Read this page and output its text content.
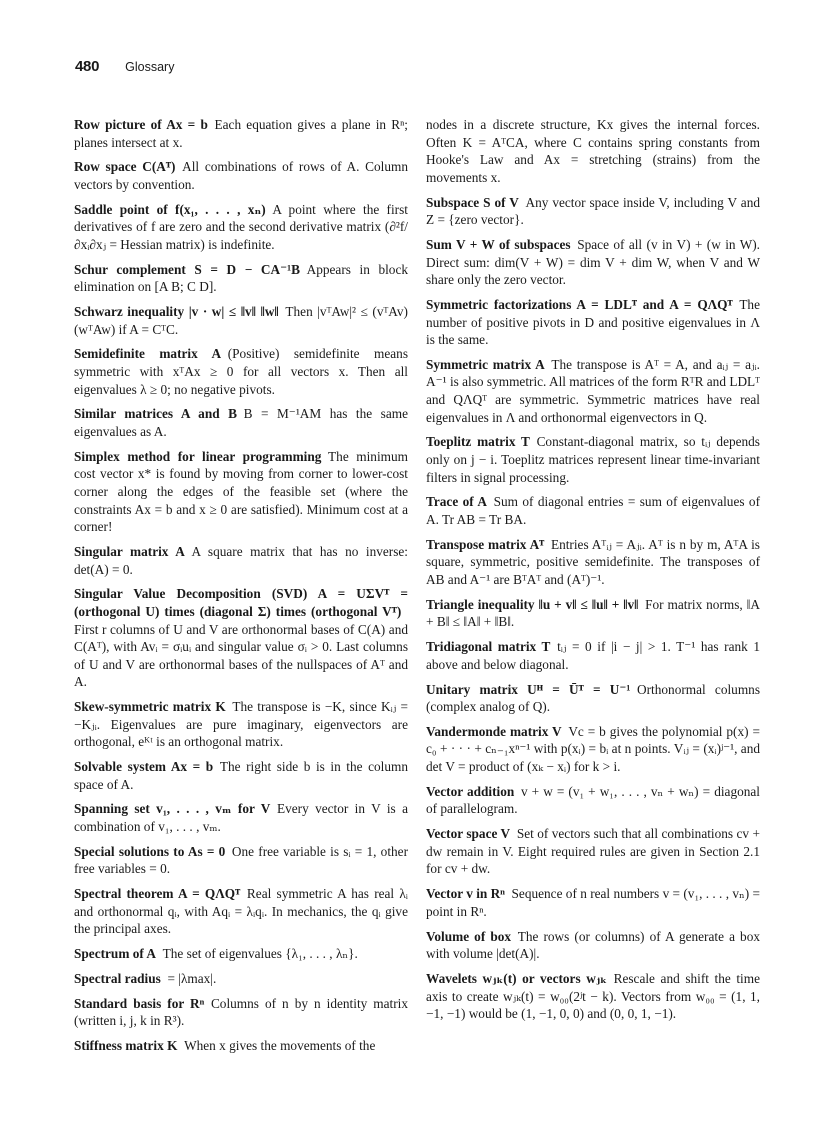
480 Glossary

Row picture of Ax = b  Each equation gives a plane in Rⁿ; planes intersect at x.

Row space C(Aᵀ)  All combinations of rows of A. Column vectors by convention.

Saddle point of f(x₁, . . . , xₙ)  A point where the first derivatives of f are zero and the second derivative matrix (∂²f/∂xᵢ∂xⱼ = Hessian matrix) is indefinite.

Schur complement S = D − CA⁻¹B  Appears in block elimination on [A B; C D].

Schwarz inequality |v · w| ≤ ‖v‖ ‖w‖  Then |vᵀAw|² ≤ (vᵀAv)(wᵀAw) if A = CᵀC.

Semidefinite matrix A  (Positive) semidefinite means symmetric with xᵀAx ≥ 0 for all vectors x. Then all eigenvalues λ ≥ 0; no negative pivots.

Similar matrices A and B  B = M⁻¹AM has the same eigenvalues as A.

Simplex method for linear programming  The minimum cost vector x* is found by moving from corner to lower-cost corner along the edges of the feasible set (where the constraints Ax = b and x ≥ 0 are satisfied). Minimum cost at a corner!

Singular matrix A  A square matrix that has no inverse: det(A) = 0.

Singular Value Decomposition (SVD) A = UΣVᵀ = (orthogonal U) times (diagonal Σ) times (orthogonal Vᵀ) First r columns of U and V are orthonormal bases of C(A) and C(Aᵀ), with Avᵢ = σᵢuᵢ and singular value σᵢ > 0. Last columns of U and V are orthonormal bases of the nullspaces of Aᵀ and A.

Skew-symmetric matrix K  The transpose is −K, since Kᵢⱼ = −Kⱼᵢ. Eigenvalues are pure imaginary, eigenvectors are orthogonal, eᴷᵗ is an orthogonal matrix.

Solvable system Ax = b  The right side b is in the column space of A.

Spanning set v₁, . . . , vₘ for V  Every vector in V is a combination of v₁, . . . , vₘ.

Special solutions to As = 0  One free variable is sᵢ = 1, other free variables = 0.

Spectral theorem A = QΛQᵀ  Real symmetric A has real λᵢ and orthonormal qᵢ, with Aqᵢ = λᵢqᵢ. In mechanics, the qᵢ give the principal axes.

Spectrum of A  The set of eigenvalues {λ₁, . . . , λₙ}.

Spectral radius  = |λmax|.

Standard basis for Rⁿ  Columns of n by n identity matrix (written i, j, k in R³).

Stiffness matrix K  When x gives the movements of the

nodes in a discrete structure, Kx gives the internal forces. Often K = AᵀCA, where C contains spring constants from Hooke's Law and Ax = stretching (strains) from the movements x.

Subspace S of V  Any vector space inside V, including V and Z = {zero vector}.

Sum V + W of subspaces  Space of all (v in V) + (w in W). Direct sum: dim(V + W) = dim V + dim W, when V and W share only the zero vector.

Symmetric factorizations A = LDLᵀ and A = QΛQᵀ  The number of positive pivots in D and positive eigenvalues in Λ is the same.

Symmetric matrix A  The transpose is Aᵀ = A, and aᵢⱼ = aⱼᵢ. A⁻¹ is also symmetric. All matrices of the form RᵀR and LDLᵀ and QΛQᵀ are symmetric. Symmetric matrices have real eigenvalues in Λ and orthonormal eigenvectors in Q.

Toeplitz matrix T  Constant-diagonal matrix, so tᵢⱼ depends only on j − i. Toeplitz matrices represent linear time-invariant filters in signal processing.

Trace of A  Sum of diagonal entries = sum of eigenvalues of A. Tr AB = Tr BA.

Transpose matrix Aᵀ  Entries Aᵀᵢⱼ = Aⱼᵢ. Aᵀ is n by m, AᵀA is square, symmetric, positive semidefinite. The transposes of AB and A⁻¹ are BᵀAᵀ and (Aᵀ)⁻¹.

Triangle inequality ‖u + v‖ ≤ ‖u‖ + ‖v‖  For matrix norms, ‖A + B‖ ≤ ‖A‖ + ‖B‖.

Tridiagonal matrix T  tᵢⱼ = 0 if |i − j| > 1. T⁻¹ has rank 1 above and below diagonal.

Unitary matrix Uᴴ = Ūᵀ = U⁻¹  Orthonormal columns (complex analog of Q).

Vandermonde matrix V  Vc = b gives the polynomial p(x) = c₀ + · · · + cₙ₋₁xⁿ⁻¹ with p(xᵢ) = bᵢ at n points. Vᵢⱼ = (xᵢ)ʲ⁻¹, and det V = product of (xₖ − xᵢ) for k > i.

Vector addition  v + w = (v₁ + w₁, . . . , vₙ + wₙ) = diagonal of parallelogram.

Vector space V  Set of vectors such that all combinations cv + dw remain in V. Eight required rules are given in Section 2.1 for cv + dw.

Vector v in Rⁿ  Sequence of n real numbers v = (v₁, . . . , vₙ) = point in Rⁿ.

Volume of box  The rows (or columns) of A generate a box with volume |det(A)|.

Wavelets wⱼₖ(t) or vectors wⱼₖ  Rescale and shift the time axis to create wⱼₖ(t) = w₀₀(2ʲt − k). Vectors from w₀₀ = (1, 1, −1, −1) would be (1, −1, 0, 0) and (0, 0, 1, −1).
